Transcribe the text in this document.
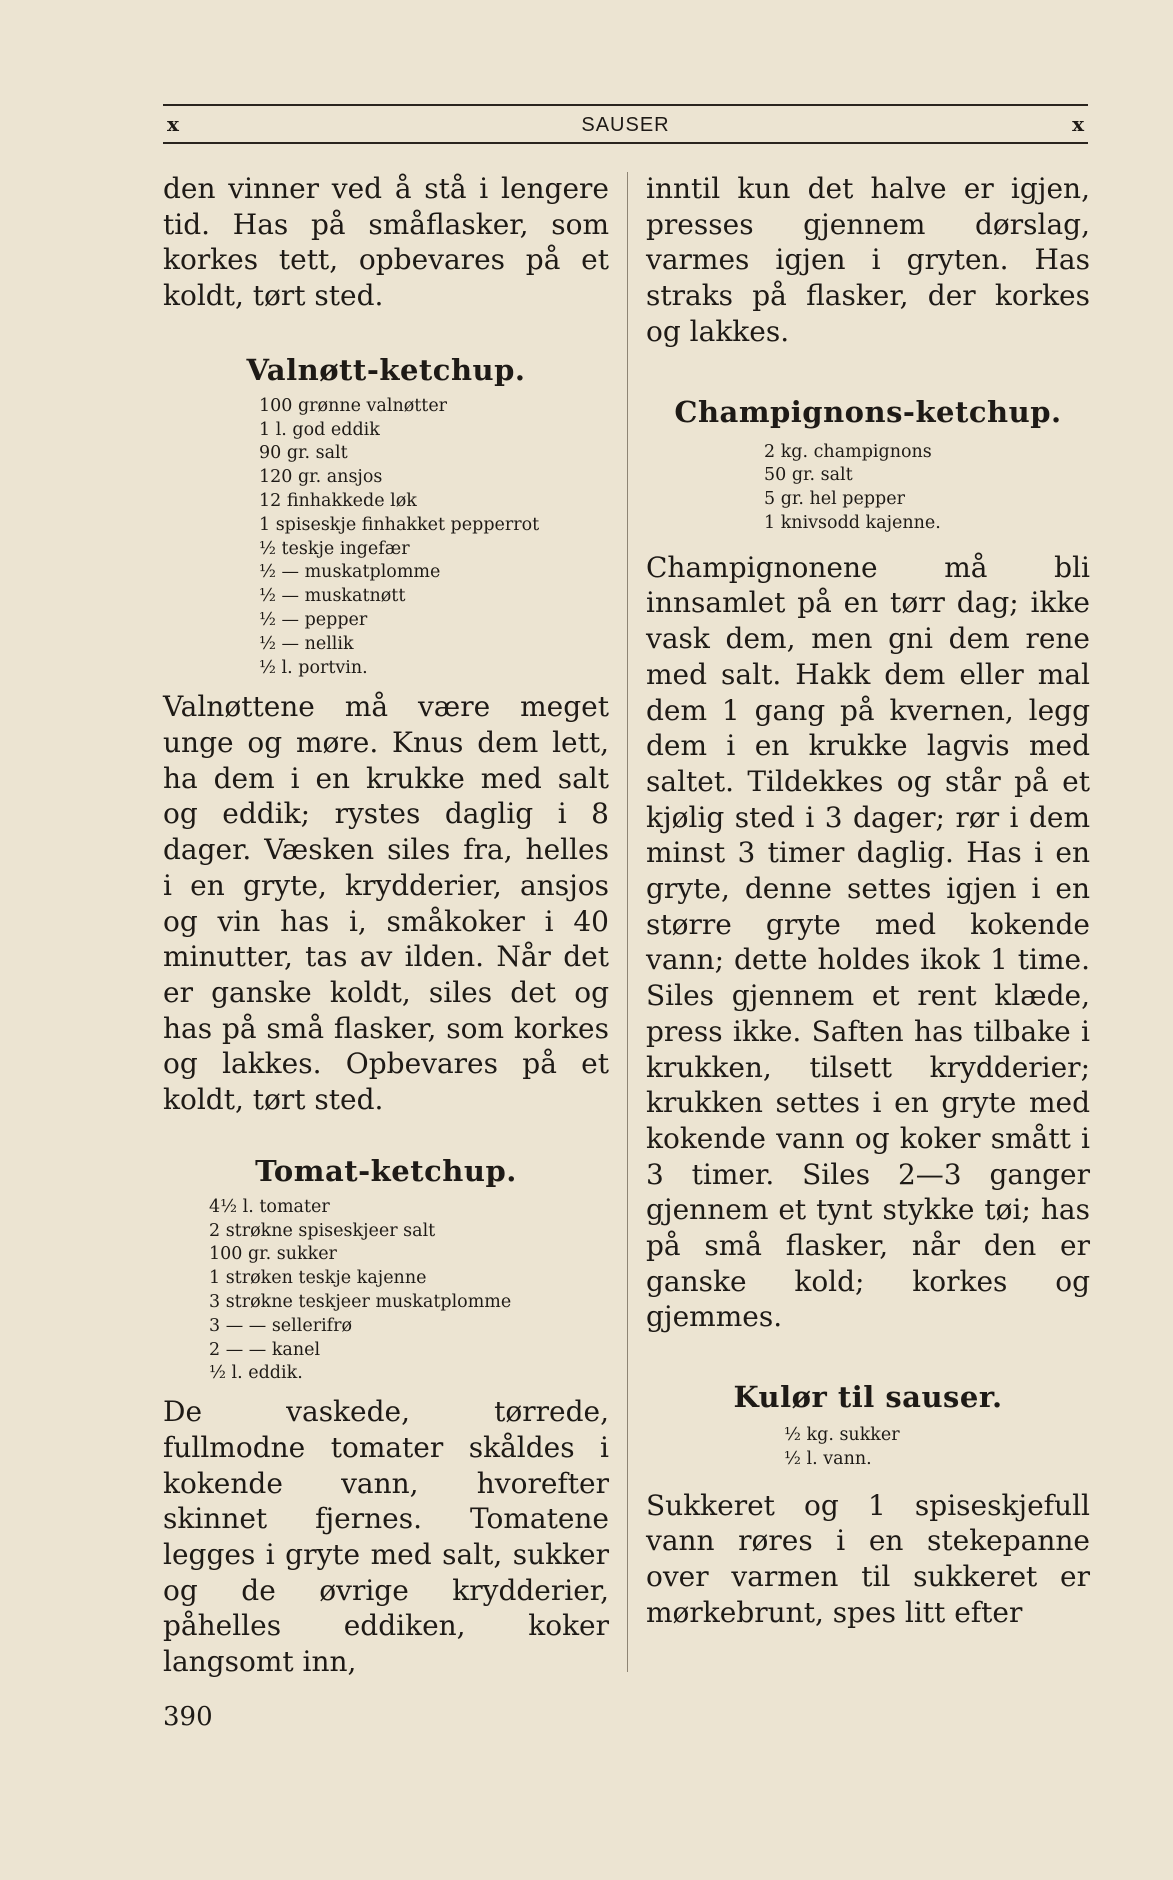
x	SAUSER	x

den vinner ved å stå i lengere tid. Has på småflasker, som korkes tett, opbevares på et koldt, tørt sted.

Valnøtt-ketchup.
100 grønne valnøtter
1 l. god eddik
90 gr. salt
120 gr. ansjos
12 finhakkede løk
1 spiseskje finhakket pepperrot
½ teskje ingefær
½ — muskatplomme
½ — muskatnøtt
½ — pepper
½ — nellik
½ l. portvin.

Valnøttene må være meget unge og møre. Knus dem lett, ha dem i en krukke med salt og eddik; rystes daglig i 8 dager. Væsken siles fra, helles i en gryte, krydderier, ansjos og vin has i, småkoker i 40 minutter, tas av ilden. Når det er ganske koldt, siles det og has på små flasker, som korkes og lakkes. Opbevares på et koldt, tørt sted.

Tomat-ketchup.
4½ l. tomater
2 strøkne spiseskjeer salt
100 gr. sukker
1 strøken teskje kajenne
3 strøkne teskjeer muskatplomme
3 — — sellerifrø
2 — — kanel
½ l. eddik.

De vaskede, tørrede, fullmodne tomater skåldes i kokende vann, hvorefter skinnet fjernes. Tomatene legges i gryte med salt, sukker og de øvrige krydderier, påhelles eddiken, koker langsomt inn,

inntil kun det halve er igjen, presses gjennem dørslag, varmes igjen i gryten. Has straks på flasker, der korkes og lakkes.

Champignons-ketchup.
2 kg. champignons
50 gr. salt
5 gr. hel pepper
1 knivsodd kajenne.

Champignonene må bli innsamlet på en tørr dag; ikke vask dem, men gni dem rene med salt. Hakk dem eller mal dem 1 gang på kvernen, legg dem i en krukke lagvis med saltet. Tildekkes og står på et kjølig sted i 3 dager; rør i dem minst 3 timer daglig. Has i en gryte, denne settes igjen i en større gryte med kokende vann; dette holdes ikok 1 time. Siles gjennem et rent klæde, press ikke. Saften has tilbake i krukken, tilsett krydderier; krukken settes i en gryte med kokende vann og koker smått i 3 timer. Siles 2—3 ganger gjennem et tynt stykke tøi; has på små flasker, når den er ganske kold; korkes og gjemmes.

Kulør til sauser.
½ kg. sukker
½ l. vann.

Sukkeret og 1 spiseskjefull vann røres i en stekepanne over varmen til sukkeret er mørkebrunt, spes litt efter

390
